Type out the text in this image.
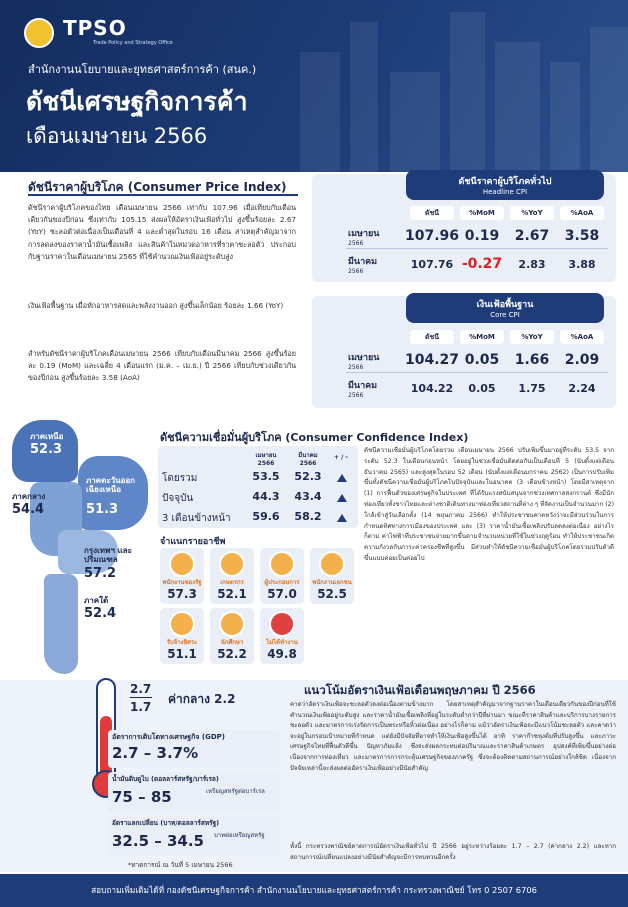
TPSO
Trade Policy and Strategy Office
สำนักงานนโยบายและยุทธศาสตร์การค้า (สนค.)
ดัชนีเศรษฐกิจการค้า
เดือนเมษายน 2566
ดัชนีราคาผู้บริโภค (Consumer Price Index)
ดัชนีราคาผู้บริโภคของไทย เดือนเมษายน 2566 เท่ากับ 107.96 เมื่อเทียบกับเดือนเดียวกันของปีก่อน ซึ่งเท่ากับ 105.15 ส่งผลให้อัตราเงินเฟ้อทั่วไป สูงขึ้นร้อยละ 2.67 (YoY) ชะลอตัวต่อเนื่องเป็นเดือนที่ 4 และต่ำสุดในรอบ 16 เดือน สาเหตุสำคัญมาจากการลดลงของราคาน้ำมันเชื้อเพลิง และสินค้าในหมวดอาหารที่ราคาชะลอตัว ประกอบกับฐานราคาในเดือนเมษายน 2565 ที่ใช้คำนวณเงินเฟ้ออยู่ระดับสูง
เงินเฟ้อพื้นฐาน เมื่อหักอาหารสดและพลังงานออก สูงขึ้นเล็กน้อย ร้อยละ 1.66 (YoY)
สำหรับดัชนีราคาผู้บริโภคเดือนเมษายน 2566 เทียบกับเดือนมีนาคม 2566 สูงขึ้นร้อยละ 0.19 (MoM) และเฉลี่ย 4 เดือนแรก (ม.ค. – เม.ย.) ปี 2566 เทียบกับช่วงเดียวกันของปีก่อน สูงขึ้นร้อยละ 3.58 (AoA)
ดัชนีราคาผู้บริโภคทั่วไป
Headline CPI
ดัชนี	%MoM	%YoY	%AoA
เมษายน
2566	107.96 0.19	2.67	3.58
มีนาคม
2566
107.76 -0.27	2.83	3.88
เงินเฟ้อพื้นฐาน
Core CPI
ดัชนี	%MoM	%YoY	%AoA
เมษายน
2566	104.27 0.05	1.66	2.09
มีนาคม
2566
104.22	0.05	1.75	2.24
ดัชนีความเชื่อมั่นผู้บริโภค (Consumer Confidence Index)
ภาคเหนือ
52.3
ภาคตะวันออกเฉียงเหนือ
51.3
ภาคกลาง
54.4
กรุงเทพฯ และปริมณฑล
57.2
ภาคใต้
52.4
เมษายน
2566
มีนาคม
2566
+ / -
โดยรวม	53.5	52.3
ปัจจุบัน	44.3	43.4
3 เดือนข้างหน้า	59.6	58.2
จำแนกรายอาชีพ
พนักงานของรัฐ
57.3
เกษตรกร
52.1
ผู้ประกอบการ
57.0
พนักงานเอกชน
52.5
รับจ้างอิสระ
51.1
นักศึกษา
52.2
ไม่ได้ทำงาน
49.8
ดัชนีความเชื่อมั่นผู้บริโภคโดยรวม เดือนเมษายน 2566 ปรับเพิ่มขึ้นมาอยู่ที่ระดับ 53.5 จากระดับ 52.3 ในเดือนก่อนหน้า โดยอยู่ในช่วงเชื่อมั่นติดต่อกันเป็นเดือนที่ 5 (นับตั้งแต่เดือนธันวาคม 2565) และสูงสุดในรอบ 52 เดือน (นับตั้งแต่เดือนมกราคม 2562) เป็นการปรับเพิ่มขึ้นทั้งดัชนีความเชื่อมั่นผู้บริโภคในปัจจุบันและในอนาคต (3 เดือนข้างหน้า) โดยมีสาเหตุจาก (1) การฟื้นตัวของเศรษฐกิจในประเทศ ที่ได้รับแรงสนับสนุนจากช่วงเทศกาลสงกรานต์ ซึ่งมีนักท่องเที่ยวทั้งชาวไทยและต่างชาติเดินทางมาท่องเที่ยวสถานที่ต่าง ๆ ที่จัดงานเป็นจำนวนมาก (2) ใกล้เข้าสู่วันเลือกตั้ง (14 พฤษภาคม 2566) ทำให้ประชาชนคาดหวังว่าจะมีส่วนร่วมในการกำหนดทิศทางการเมืองของประเทศ และ (3) ราคาน้ำมันเชื้อเพลิงปรับลดลงต่อเนื่อง อย่างไรก็ตาม ค่าไฟฟ้าที่ประชาชนจ่ายมากขึ้นตามจำนวนหน่วยที่ใช้ในช่วงฤดูร้อน ทำให้ประชาชนเกิดความกังวลกับภาระค่าครองชีพที่สูงขึ้น มีส่วนทำให้ดัชนีความเชื่อมั่นผู้บริโภคโดยรวมปรับตัวดีขึ้นแบบค่อยเป็นค่อยไป
แนวโน้มอัตราเงินเฟ้อเดือนพฤษภาคม ปี 2566
2.7
1.7
ค่ากลาง 2.2
อัตราการเติบโตทางเศรษฐกิจ (GDP)
2.7 – 3.7%
น้ำมันดิบดูไบ (ดอลลาร์สหรัฐ/บาร์เรล)
75 – 85	เหรียญสหรัฐต่อบาร์เรล
อัตราแลกเปลี่ยน (บาท/ดอลลาร์สหรัฐ)
32.5 – 34.5 บาทต่อเหรียญสหรัฐ
*ทาดการณ์ ณ วันที่ 5 เมษายน 2566
คาดว่าอัตราเงินเฟ้อจะชะลอตัวลงต่อเนื่องตามข้างมาก โดยสาเหตุสำคัญมาจากฐานราคาในเดือนเดียวกันของปีก่อนที่ใช้คำนวณเงินเฟ้ออยู่ระดับสูง และราคาน้ำมันเชื้อเพลิงที่อยู่ในระดับต่ำกว่าปีที่ผ่านมา ขณะที่ราคาสินค้าและบริการบางรายการชะลอตัว และมาตรการเร่งรัดการเป็นพระหรือหิ้วต่อเนื่อง อย่างไรก็ตาม แม้ว่าอัตราเงินเฟ้อจะมีแนวโน้มชะลอตัว และคาดว่าจะอยู่ในกรอบเป้าหมายที่กำหนด แต่ยังมีปัจจัยที่อาจทำให้เงินเฟ้อสูงขึ้นได้ อาทิ ราคาก๊าซหุงต้มที่ปรับสูงขึ้น และภาวะเศรษฐกิจไทยที่ฟื้นตัวดีขึ้น ปัญหาภัยแล้ง ซึ่งจะส่งผลกระทบต่อปริมาณและราคาสินค้าเกษตร อุปสงค์ที่เพิ่มขึ้นอย่างต่อเนื่องจากการท่องเที่ยว และมาตรการการกระตุ้นเศรษฐกิจของภาครัฐ ซึ่งจะต้องติดตามสถานการณ์อย่างใกล้ชิด เนื่องจากปัจจัยเหล่านี้จะส่งผลต่ออัตราเงินเฟ้ออย่างมีนัยสำคัญ
ทั้งนี้ กระทรวงพาณิชย์คาดการณ์อัตราเงินเฟ้อทั่วไป ปี 2566 อยู่ระหว่างร้อยละ 1.7 – 2.7 (ค่ากลาง 2.2) และหากสถานการณ์เปลี่ยนแปลงอย่างมีนัยสำคัญจะมีการทบทวนอีกครั้ง
สอบถามเพิ่มเติมได้ที่ กองดัชนีเศรษฐกิจการค้า สำนักงานนโยบายและยุทธศาสตร์การค้า กระทรวงพาณิชย์ โทร 0 2507 6706
